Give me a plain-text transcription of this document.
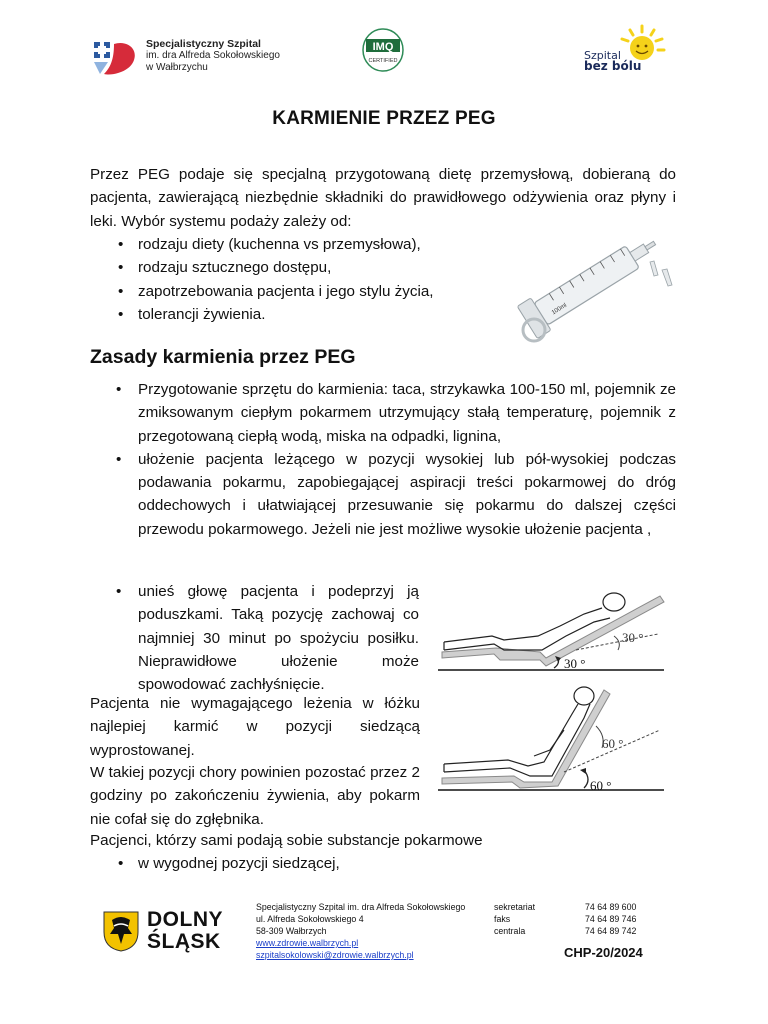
Specjalistyczny Szpital
im. dra Alfreda Sokołowskiego
w Wałbrzychu
IMQ
CERTIFIED	Szpital
bez bólu
KARMIENIE PRZEZ PEG
Przez PEG podaje się specjalną przygotowaną dietę przemysłową, dobieraną do pacjenta, zawierającą niezbędnie składniki do prawidłowego odżywienia oraz płyny i leki. Wybór systemu podaży zależy od:
• rodzaju diety (kuchenna vs przemysłowa),
• rodzaju sztucznego dostępu,
• zapotrzebowania pacjenta i jego stylu życia,
• tolerancji żywienia.	100ml
Zasady karmienia przez PEG
• Przygotowanie sprzętu do karmienia: taca, strzykawka 100-150 ml, pojemnik ze zmiksowanym ciepłym pokarmem utrzymujący stałą temperaturę, pojemnik z przegotowaną ciepłą wodą, miska na odpadki, lignina,
• ułożenie pacjenta leżącego w pozycji wysokiej lub pół-wysokiej podczas podawania pokarmu, zapobiegającej aspiracji treści pokarmowej do dróg oddechowych i ułatwiającej przesuwanie się pokarmu do dalszej części przewodu pokarmowego. Jeżeli nie jest możliwe wysokie ułożenie pacjenta ,
• unieś głowę pacjenta i podeprzyj ją poduszkami. Taką pozycję zachowaj co najmniej 30 minut po spożyciu posiłku. Nieprawidłowe ułożenie może spowodować zachłyśnięcie.
30 °
30 °
Pacjenta nie wymagającego leżenia w łóżku najlepiej karmić w pozycji siedzącą wyprostowanej.
W takiej pozycji chory powinien pozostać przez 2 godziny po zakończeniu żywienia, aby pokarm nie cofał się do zgłębnika.
60 °
60 °
Pacjenci, którzy sami podają sobie substancje pokarmowe
• w wygodnej pozycji siedzącej,
DOLNY
ŚLĄSK
Specjalistyczny Szpital im. dra Alfreda Sokołowskiego
ul. Alfreda Sokołowskiego 4
58-309 Wałbrzych
www.zdrowie.walbrzych.pl
szpitalsokolowski@zdrowie.walbrzych.pl
sekretariat
faks
centrala
74 64 89 600
74 64 89 746
74 64 89 742
CHP-20/2024
